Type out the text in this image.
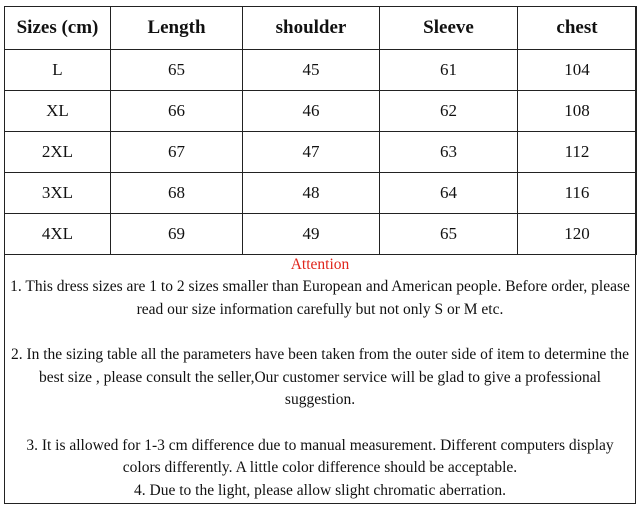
Sizes (cm)	Length	shoulder	Sleeve	chest
L	65	45	61	104
XL	66	46	62	108
2XL	67	47	63	112
3XL	68	48	64	116
4XL	69	49	65	120
Attention

1. This dress sizes are 1 to 2 sizes smaller than European and American people. Before order, please read our size information carefully but not only S or M etc.

2. In the sizing table all the parameters have been taken from the outer side of item to determine the best size , please consult the seller,Our customer service will be glad to give a professional suggestion.

3. It is allowed for 1-3 cm difference due to manual measurement. Different computers display colors differently. A little color difference should be acceptable.

4. Due to the light, please allow slight chromatic aberration.
